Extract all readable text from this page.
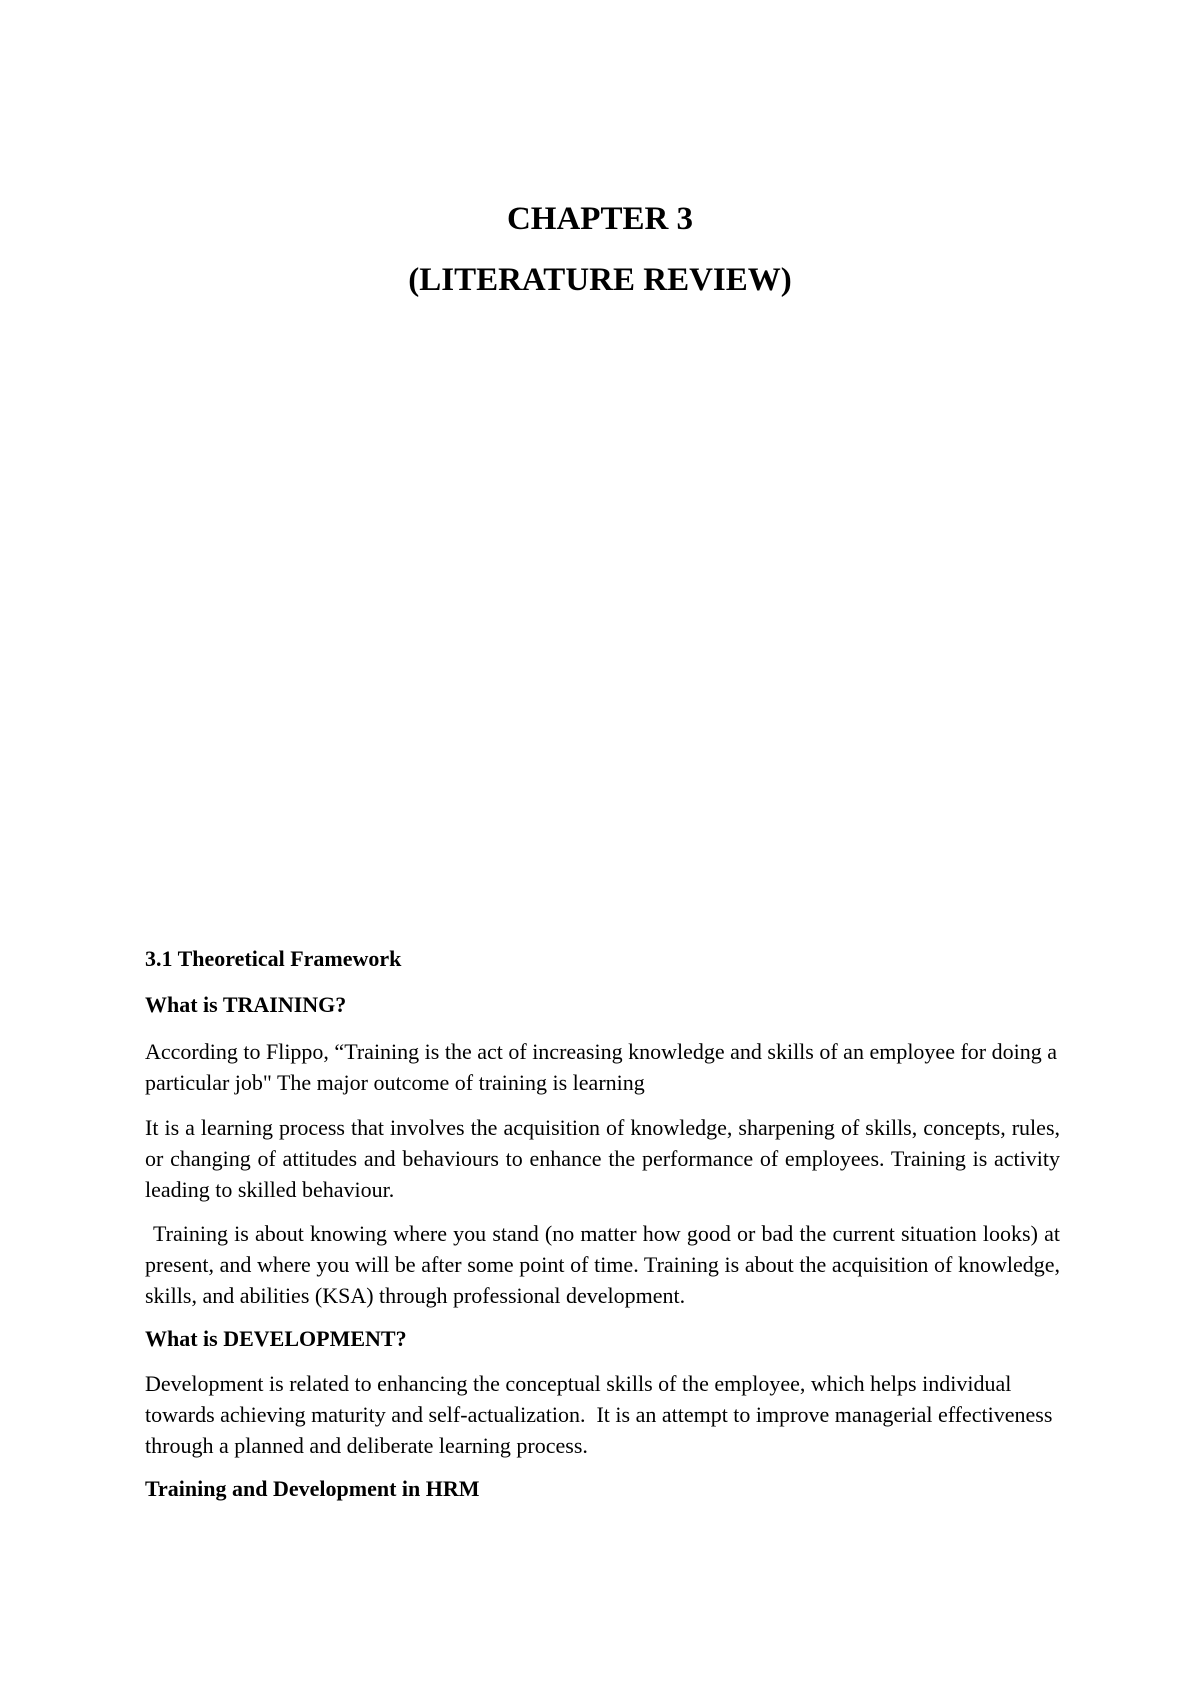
CHAPTER 3
(LITERATURE REVIEW)

3.1 Theoretical Framework

What is TRAINING?

According to Flippo, “Training is the act of increasing knowledge and skills of an employee for doing a particular job" The major outcome of training is learning

It is a learning process that involves the acquisition of knowledge, sharpening of skills, concepts, rules, or changing of attitudes and behaviours to enhance the performance of employees. Training is activity leading to skilled behaviour.

Training is about knowing where you stand (no matter how good or bad the current situation looks) at present, and where you will be after some point of time. Training is about the acquisition of knowledge, skills, and abilities (KSA) through professional development.

What is DEVELOPMENT?

Development is related to enhancing the conceptual skills of the employee, which helps individual towards achieving maturity and self-actualization.  It is an attempt to improve managerial effectiveness through a planned and deliberate learning process.

Training and Development in HRM
